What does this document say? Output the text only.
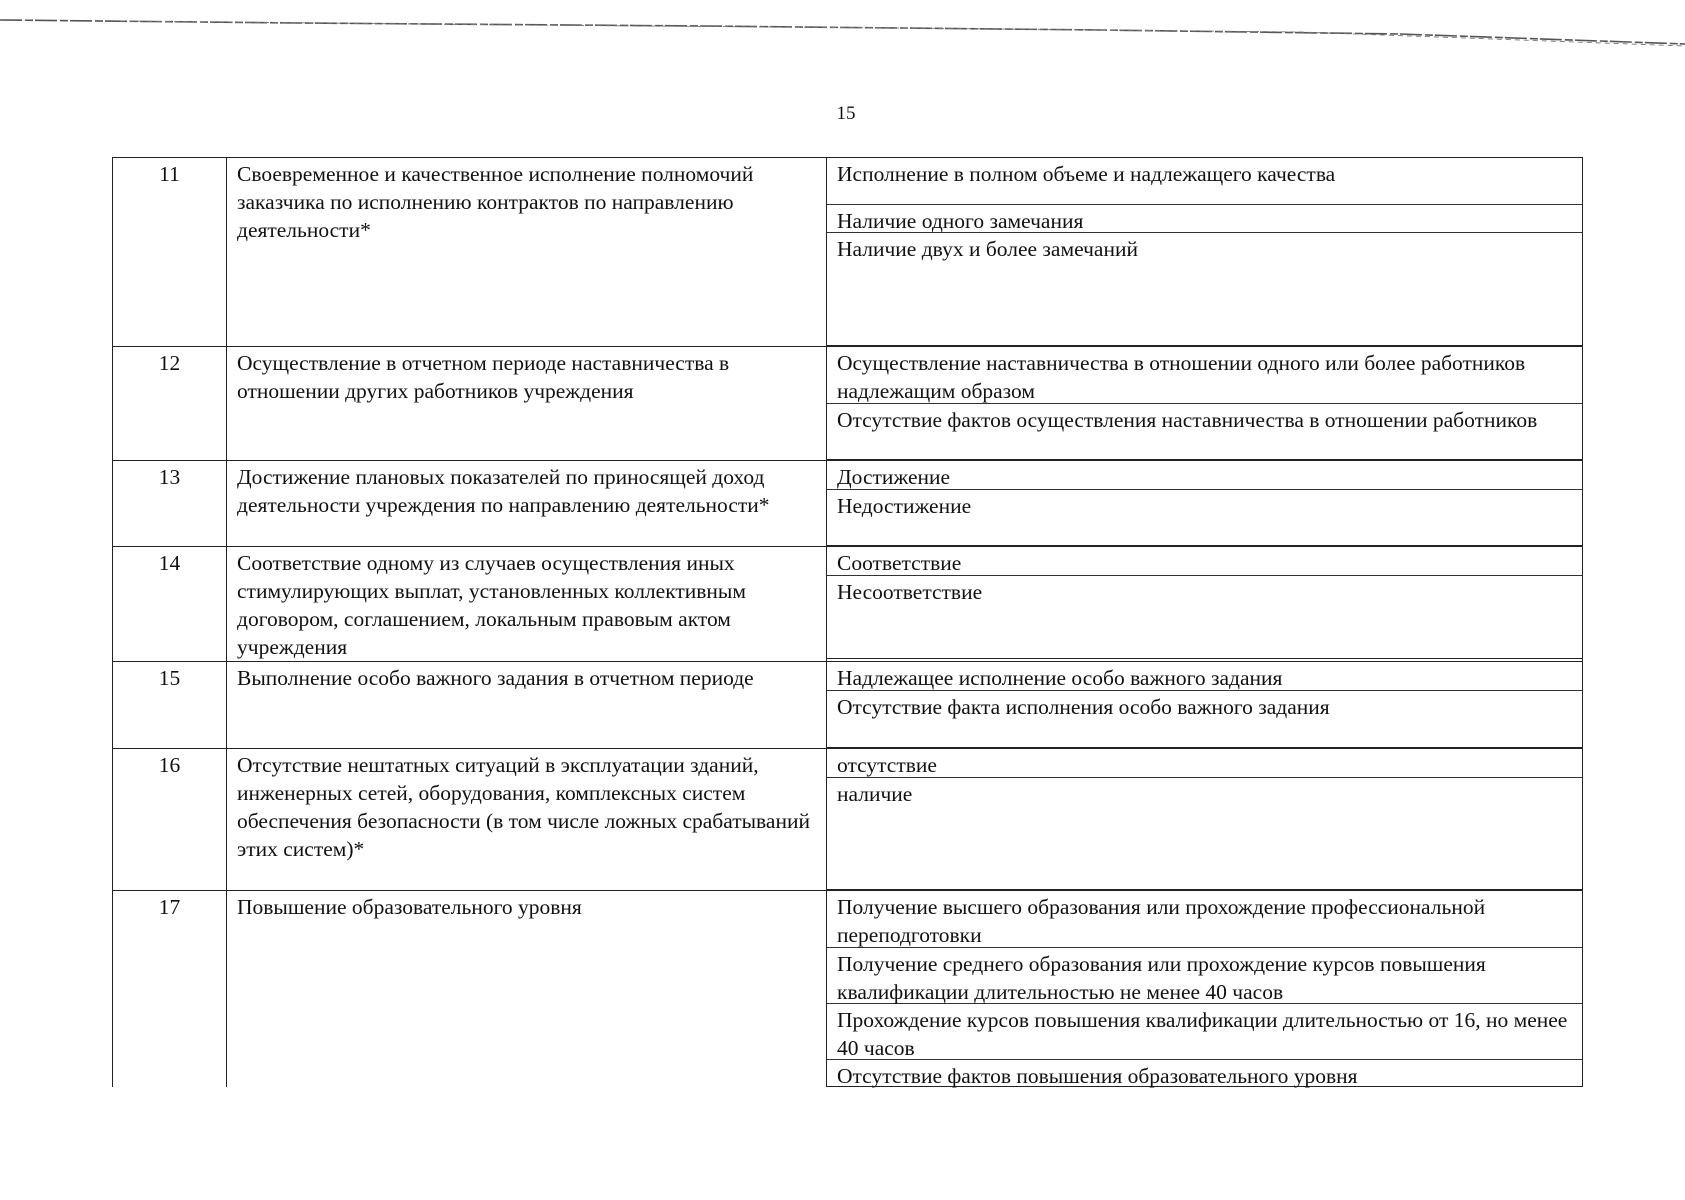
15
11	Своевременное и качественное исполнение полномочий заказчика по исполнению контрактов по направлению деятельности*	Исполнение в полном объеме и надлежащего качества
Наличие одного замечания
Наличие двух и более замечаний

12	Осуществление в отчетном периоде наставничества в отношении других работников учреждения	Осуществление наставничества в отношении одного или более работников надлежащим образом
Отсутствие фактов осуществления наставничества в отношении работников

13	Достижение плановых показателей по приносящей доход деятельности учреждения по направлению деятельности*	Достижение
Недостижение

14	Соответствие одному из случаев осуществления иных стимулирующих выплат, установленных коллективным договором, соглашением, локальным правовым актом учреждения	Соответствие
Несоответствие

15	Выполнение особо важного задания в отчетном периоде	Надлежащее исполнение особо важного задания
Отсутствие факта исполнения особо важного задания

16	Отсутствие нештатных ситуаций в эксплуатации зданий, инженерных сетей, оборудования, комплексных систем обеспечения безопасности (в том числе ложных срабатываний этих систем)*	отсутствие
наличие

17	Повышение образовательного уровня	Получение высшего образования или прохождение профессиональной переподготовки
Получение среднего образования или прохождение курсов повышения квалификации длительностью не менее 40 часов
Прохождение курсов повышения квалификации длительностью от 16, но менее 40 часов
Отсутствие фактов повышения образовательного уровня
